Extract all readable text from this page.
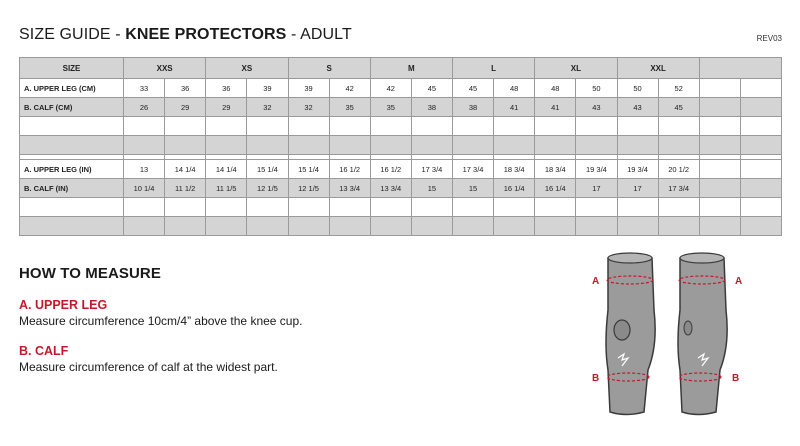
SIZE GUIDE - KNEE PROTECTORS - ADULT	REV03
SIZE	XXS		XS		S		M		L		XL		XXL			
A. UPPER LEG (CM)	33	36	36	39	39	42	42	45	45	48	48	50	50	52		
B. CALF (CM)	26	29	29	32	32	35	35	38	38	41	41	43	43	45		

A. UPPER LEG (IN)	13	14 1/4	14 1/4	15 1/4	15 1/4	16 1/2	16 1/2	17 3/4	17 3/4	18 3/4	18 3/4	19 3/4	19 3/4	20 1/2		
B. CALF (IN)	10 1/4	11 1/2	11 1/5	12 1/5	12 1/5	13 3/4	13 3/4	15	15	16 1/4	16 1/4	17	17	17 3/4		

HOW TO MEASURE
A. UPPER LEG

Measure circumference 10cm/4” above the knee cup.

B. CALF

Measure circumference of calf at the widest part.

A	A
B	B
